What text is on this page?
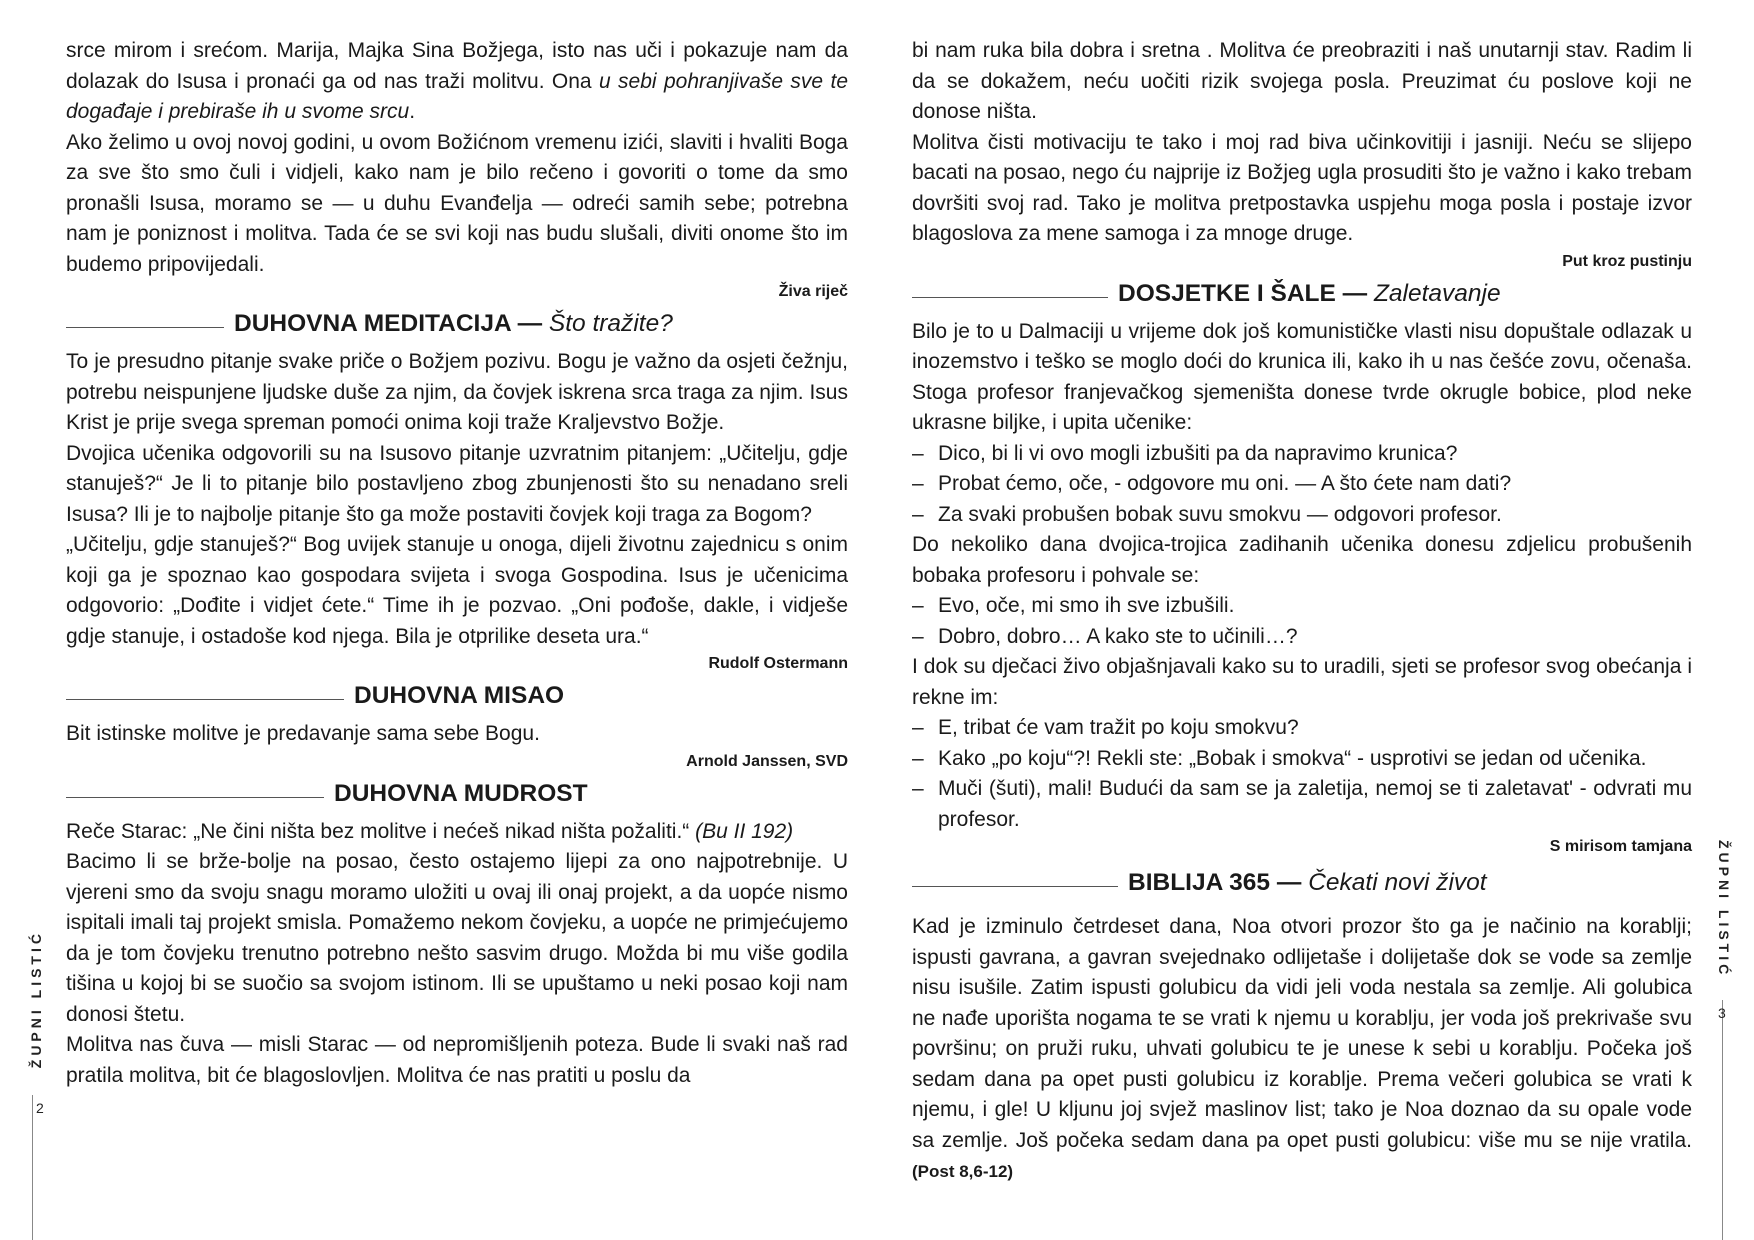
srce mirom i srećom. Marija, Majka Sina Božjega, isto nas uči i pokazuje nam da dolazak do Isusa i pronaći ga od nas traži molitvu. Ona u sebi pohranjivaše sve te događaje i prebiraše ih u svome srcu.

Ako želimo u ovoj novoj godini, u ovom Božićnom vremenu izići, slaviti i hvaliti Boga za sve što smo čuli i vidjeli, kako nam je bilo rečeno i govoriti o tome da smo pronašli Isusa, moramo se — u duhu Evanđelja — odreći samih sebe; potrebna nam je poniznost i molitva. Tada će se svi koji nas budu slušali, diviti onome što im budemo pripovijedali.

Živa riječ
DUHOVNA MEDITACIJA — Što tražite?

To je presudno pitanje svake priče o Božjem pozivu. Bogu je važno da osjeti čežnju, potrebu neispunjene ljudske duše za njim, da čovjek iskrena srca traga za njim. Isus Krist je prije svega spreman pomoći onima koji traže Kraljevstvo Božje.

Dvojica učenika odgovorili su na Isusovo pitanje uzvratnim pitanjem: „Učitelju, gdje stanuješ?“ Je li to pitanje bilo postavljeno zbog zbunjenosti što su nenadano sreli Isusa? Ili je to najbolje pitanje što ga može postaviti čovjek koji traga za Bogom?

„Učitelju, gdje stanuješ?“ Bog uvijek stanuje u onoga, dijeli životnu zajednicu s onim koji ga je spoznao kao gospodara svijeta i svoga Gospodina. Isus je učenicima odgovorio: „Dođite i vidjet ćete.“ Time ih je pozvao. „Oni pođoše, dakle, i vidješe gdje stanuje, i ostadoše kod njega. Bila je otprilike deseta ura.“

Rudolf Ostermann
DUHOVNA MISAO

Bit istinske molitve je predavanje sama sebe Bogu.

Arnold Janssen, SVD
DUHOVNA MUDROST

Reče Starac: „Ne čini ništa bez molitve i nećeš nikad ništa požaliti.“ (Bu II 192)

Bacimo li se brže-bolje na posao, često ostajemo lijepi za ono najpotrebnije. U vjereni smo da svoju snagu moramo uložiti u ovaj ili onaj projekt, a da uopće nismo ispitali imali taj projekt smisla. Pomažemo nekom čovjeku, a uopće ne primjećujemo da je tom čovjeku trenutno potrebno nešto sasvim drugo. Možda bi mu više godila tišina u kojoj bi se suočio sa svojom istinom. Ili se upuštamo u neki posao koji nam donosi štetu.

Molitva nas čuva — misli Starac — od nepromišljenih poteza. Bude li svaki naš rad pratila molitva, bit će blagoslovljen. Molitva će nas pratiti u poslu da

bi nam ruka bila dobra i sretna . Molitva će preobraziti i naš unutarnji stav. Radim li da se dokažem, neću uočiti rizik svojega posla. Preuzimat ću poslove koji ne donose ništa.

Molitva čisti motivaciju te tako i moj rad biva učinkovitiji i jasniji. Neću se slijepo bacati na posao, nego ću najprije iz Božjeg ugla prosuditi što je važno i kako trebam dovršiti svoj rad. Tako je molitva pretpostavka uspjehu moga posla i postaje izvor blagoslova za mene samoga i za mnoge druge.

Put kroz pustinju
DOSJETKE I ŠALE — Zaletavanje

Bilo je to u Dalmaciji u vrijeme dok još komunističke vlasti nisu dopuštale odlazak u inozemstvo i teško se moglo doći do krunica ili, kako ih u nas češće zovu, očenaša. Stoga profesor franjevačkog sjemeništa donese tvrde okrugle bobice, plod neke ukrasne biljke, i upita učenike:

– Dico, bi li vi ovo mogli izbušiti pa da napravimo krunica?
– Probat ćemo, oče, - odgovore mu oni. — A što ćete nam dati?
– Za svaki probušen bobak suvu smokvu — odgovori profesor.

Do nekoliko dana dvojica-trojica zadihanih učenika donesu zdjelicu probušenih bobaka profesoru i pohvale se:

– Evo, oče, mi smo ih sve izbušili.
– Dobro, dobro… A kako ste to učinili…?

I dok su dječaci živo objašnjavali kako su to uradili, sjeti se profesor svog obećanja i rekne im:

– E, tribat će vam tražit po koju smokvu?
– Kako „po koju“?! Rekli ste: „Bobak i smokva“ - usprotivi se jedan od učenika.
– Muči (šuti), mali! Budući da sam se ja zaletija, nemoj se ti zaletavat' - odvrati mu profesor.
S mirisom tamjana
BIBLIJA 365 — Čekati novi život

Kad je izminulo četrdeset dana, Noa otvori prozor što ga je načinio na korablji; ispusti gavrana, a gavran svejednako odlijetaše i dolijetaše dok se vode sa zemlje nisu isušile. Zatim ispusti golubicu da vidi jeli voda nestala sa zemlje. Ali golubica ne nađe uporišta nogama te se vrati k njemu u korablju, jer voda još prekrivaše svu površinu; on pruži ruku, uhvati golubicu te je unese k sebi u korablju. Počeka još sedam dana pa opet pusti golubicu iz korablje. Prema večeri golubica se vrati k njemu, i gle! U kljunu joj svjež maslinov list; tako je Noa doznao da su opale vode sa zemlje. Još počeka sedam dana pa opet pusti golubicu: više mu se nije vratila. (Post 8,6-12)

ŽUPNI LISTIĆ
2
ŽUPNI LISTIĆ
3
